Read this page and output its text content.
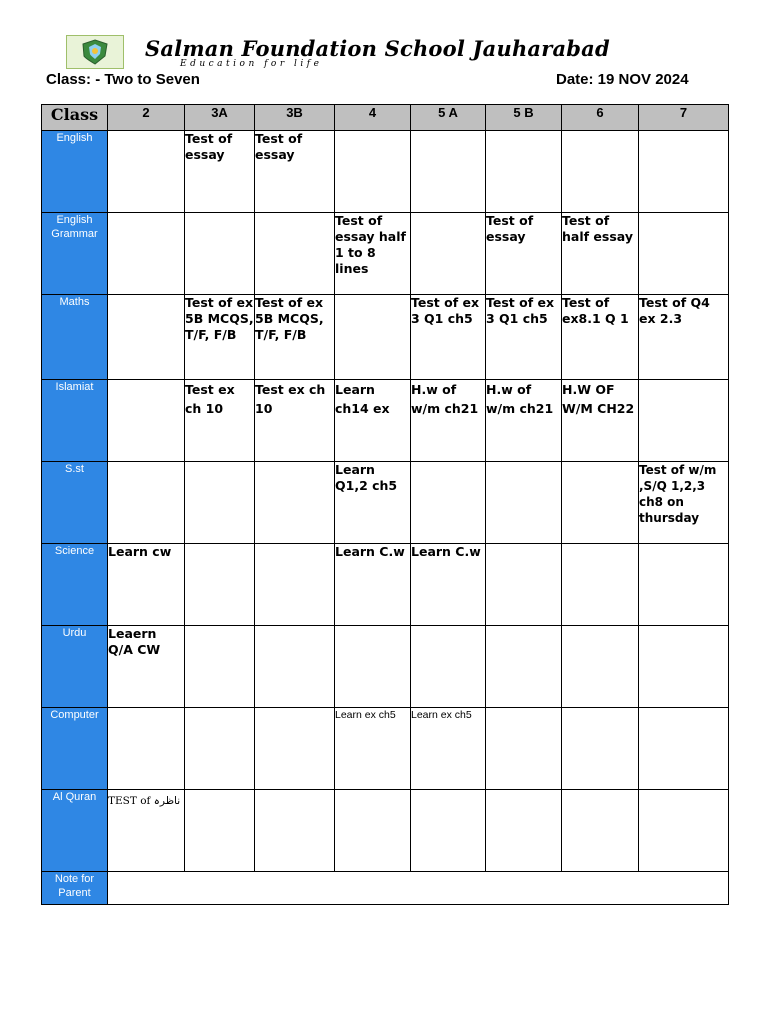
Salman Foundation School Jauharabad
Education for life
Class: - Two to Seven	Date: 19 NOV 2024
Class	2	3A	3B	4	5 A	5 B	6	7
English		Test of essay	Test of essay					
English Grammar				Test of essay half 1 to 8 lines		Test of essay	Test of half essay	
Maths		Test of ex 5B MCQS, T/F, F/B	Test of ex 5B MCQS, T/F, F/B		Test of ex 3 Q1 ch5	Test of ex 3 Q1 ch5	Test of ex8.1 Q 1	Test of Q4 ex 2.3
Islamiat		Test ex ch 10	Test ex ch 10	Learn ch14 ex	H.w of w/m ch21	H.w of w/m ch21	H.W OF W/M CH22	
S.st				Learn Q1,2 ch5				Test of w/m ,S/Q 1,2,3 ch8 on thursday
Science	Learn cw			Learn C.w	Learn C.w			
Urdu	Leaern Q/A CW							
Computer				Learn ex ch5	Learn ex ch5			
Al Quran	TEST of ناظرہ							
Note for Parent								
